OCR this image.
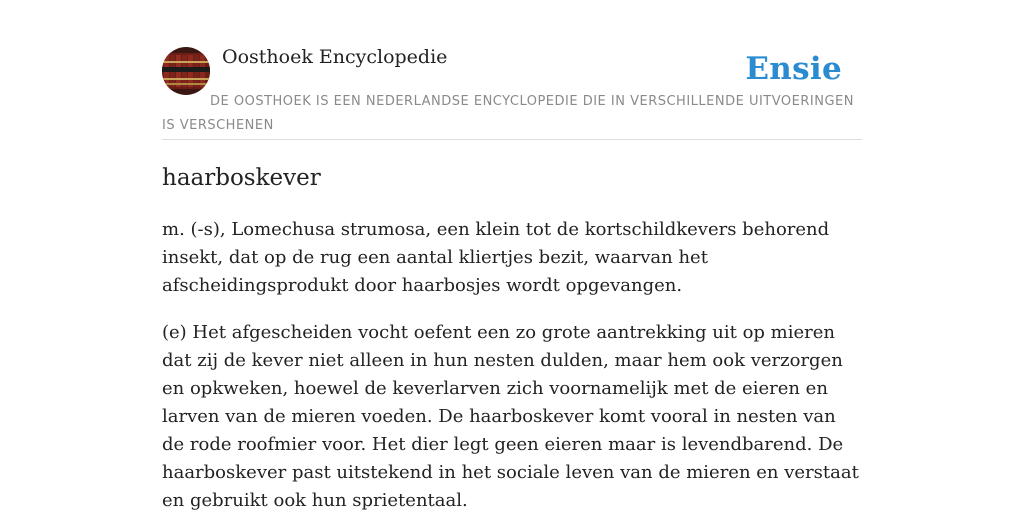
Oosthoek Encyclopedie	Ensie

DE OOSTHOEK IS EEN NEDERLANDSE ENCYCLOPEDIE DIE IN VERSCHILLENDE UITVOERINGEN IS VERSCHENEN

haarboskever

m. (-s), Lomechusa strumosa, een klein tot de kortschildkevers behorend insekt, dat op de rug een aantal kliertjes bezit, waarvan het afscheidingsprodukt door haarbosjes wordt opgevangen.

(e) Het afgescheiden vocht oefent een zo grote aantrekking uit op mieren dat zij de kever niet alleen in hun nesten dulden, maar hem ook verzorgen en opkweken, hoewel de keverlarven zich voornamelijk met de eieren en larven van de mieren voeden. De haarboskever komt vooral in nesten van de rode roofmier voor. Het dier legt geen eieren maar is levendbarend. De haarboskever past uitstekend in het sociale leven van de mieren en verstaat en gebruikt ook hun sprietentaal.
